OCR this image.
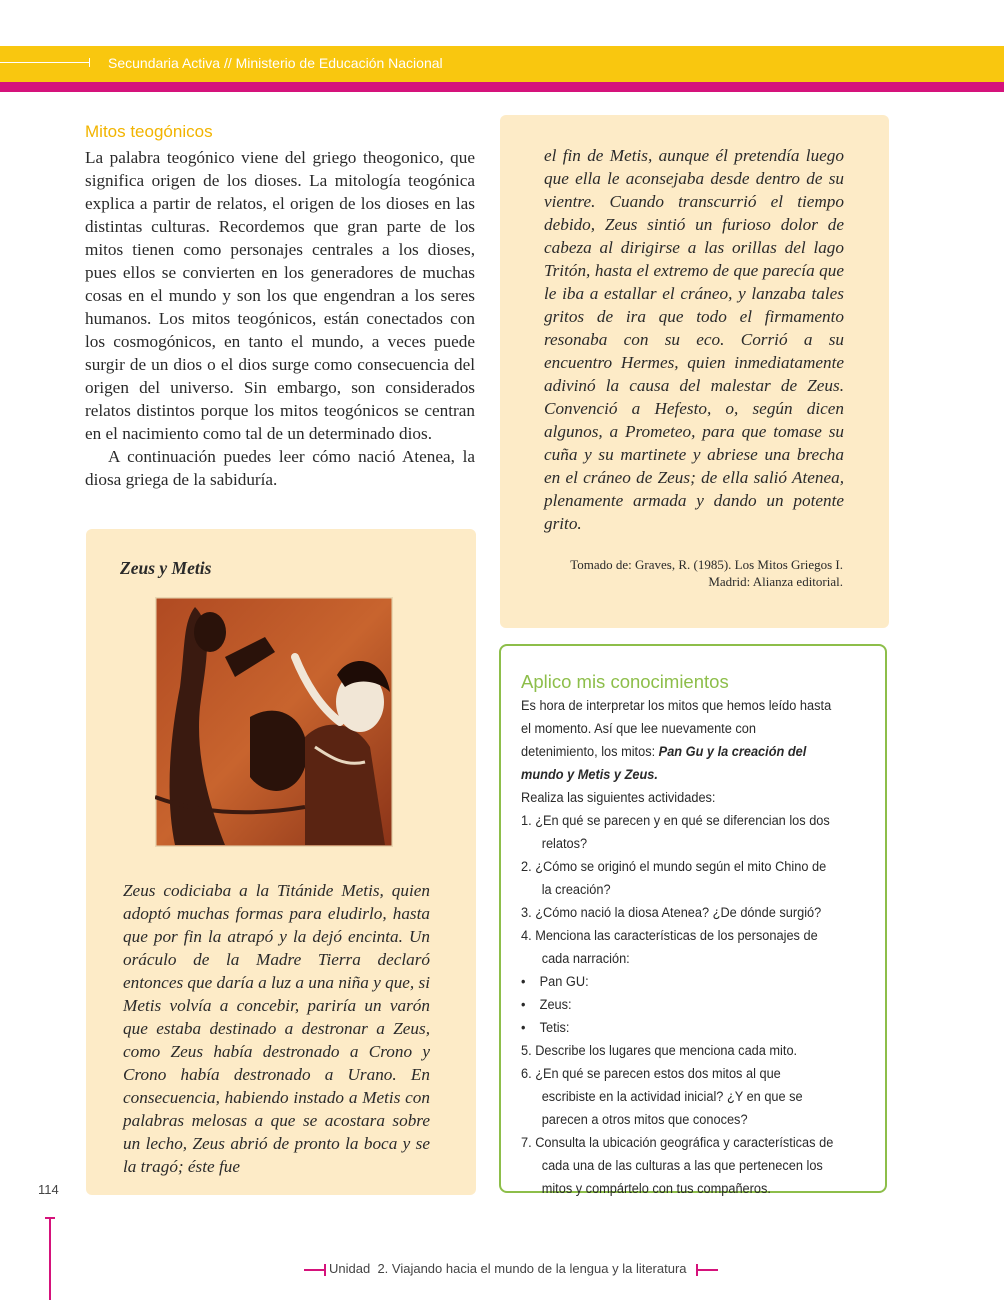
Secundaria Activa // Ministerio de Educación Nacional
Mitos teogónicos

La palabra teogónico viene del griego theogonico, que significa origen de los dioses. La mitología teogónica explica a partir de relatos, el origen de los dioses en las distintas culturas. Recordemos que gran parte de los mitos tienen como personajes centrales a los dioses, pues ellos se convierten en los generadores de muchas cosas en el mundo y son los que engendran a los seres humanos. Los mitos teogónicos, están conectados con los cosmogónicos, en tanto el mundo, a veces puede surgir de un dios o el dios surge como consecuencia del origen del universo. Sin embargo, son considerados relatos distintos porque los mitos teogónicos se centran en el nacimiento como tal de un determinado dios.

A continuación puedes leer cómo nació Atenea, la diosa griega de la sabiduría.

Zeus y Metis

Zeus codiciaba a la Titánide Metis, quien adoptó muchas formas para eludirlo, hasta que por fin la atrapó y la dejó encinta. Un oráculo de la Madre Tierra declaró entonces que daría a luz a una niña y que, si Metis volvía a concebir, pariría un varón que estaba destinado a destronar a Zeus, como Zeus había destronado a Crono y Crono había destronado a Urano. En consecuencia, habiendo instado a Metis con palabras melosas a que se acostara sobre un lecho, Zeus abrió de pronto la boca y se la tragó; éste fue

el fin de Metis, aunque él pretendía luego que ella le aconsejaba desde dentro de su vientre. Cuando transcurrió el tiempo debido, Zeus sintió un furioso dolor de cabeza al dirigirse a las orillas del lago Tritón, hasta el extremo de que parecía que le iba a estallar el cráneo, y lanzaba tales gritos de ira que todo el firmamento resonaba con su eco. Corrió a su encuentro Hermes, quien inmediatamente adivinó la causa del malestar de Zeus. Convenció a Hefesto, o, según dicen algunos, a Prometeo, para que tomase su cuña y su martinete y abriese una brecha en el cráneo de Zeus; de ella salió Atenea, plenamente armada y dando un potente grito.

Tomado de: Graves, R. (1985). Los Mitos Griegos I.
Madrid: Alianza editorial.
Aplico mis conocimientos

Es hora de interpretar los mitos que hemos leído hasta el momento. Así que lee nuevamente con detenimiento, los mitos: Pan Gu y la creación del mundo y Metis y Zeus.

Realiza las siguientes actividades:

1. ¿En qué se parecen y en qué se diferencian los dos relatos?

2. ¿Cómo se originó el mundo según el mito Chino de la creación?

3. ¿Cómo nació la diosa Atenea? ¿De dónde surgió?

4. Menciona las características de los personajes de cada narración:

•    Pan GU:

•    Zeus:

•    Tetis:

5. Describe los lugares que menciona cada mito.

6. ¿En qué se parecen estos dos mitos al que escribiste en la actividad inicial? ¿Y en que se parecen a otros mitos que conoces?

7. Consulta la ubicación geográfica y características de cada una de las culturas a las que pertenecen los mitos y compártelo con tus compañeros.

114
Unidad 2. Viajando hacia el mundo de la lengua y la literatura
